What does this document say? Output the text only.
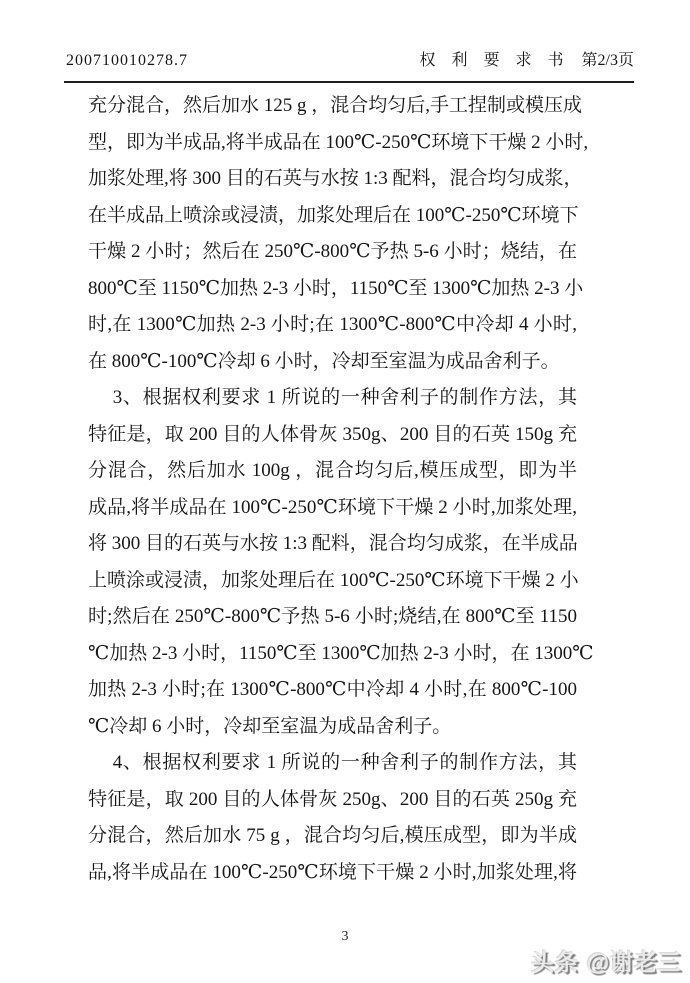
200710010278.7	权 利 要 求 书 第2/3页
充分混合，然后加水 125 g ，混合均匀后,手工捏制或模压成
型，即为半成品,将半成品在 100℃-250℃环境下干燥 2 小时,
加浆处理,将 300 目的石英与水按 1:3 配料，混合均匀成浆，
在半成品上喷涂或浸渍，加浆处理后在 100℃-250℃环境下
干燥 2 小时；然后在 250℃-800℃予热 5-6 小时；烧结，在
800℃至 1150℃加热 2-3 小时，1150℃至 1300℃加热 2-3 小
时,在 1300℃加热 2-3 小时;在 1300℃-800℃中冷却 4 小时,
在 800℃-100℃冷却 6 小时，冷却至室温为成品舍利子。
3、根据权利要求 1 所说的一种舍利子的制作方法，其
特征是，取 200 目的人体骨灰 350g、200 目的石英 150g 充
分混合，然后加水 100g ，混合均匀后,模压成型，即为半
成品,将半成品在 100℃-250℃环境下干燥 2 小时,加浆处理,
将 300 目的石英与水按 1:3 配料，混合均匀成浆，在半成品
上喷涂或浸渍，加浆处理后在 100℃-250℃环境下干燥 2 小
时;然后在 250℃-800℃予热 5-6 小时;烧结,在 800℃至 1150
℃加热 2-3 小时，1150℃至 1300℃加热 2-3 小时，在 1300℃
加热 2-3 小时;在 1300℃-800℃中冷却 4 小时,在 800℃-100
℃冷却 6 小时，冷却至室温为成品舍利子。
4、根据权利要求 1 所说的一种舍利子的制作方法，其
特征是，取 200 目的人体骨灰 250g、200 目的石英 250g 充
分混合，然后加水 75 g ，混合均匀后,模压成型，即为半成
品,将半成品在 100℃-250℃环境下干燥 2 小时,加浆处理,将
3
头条 @谢老三
